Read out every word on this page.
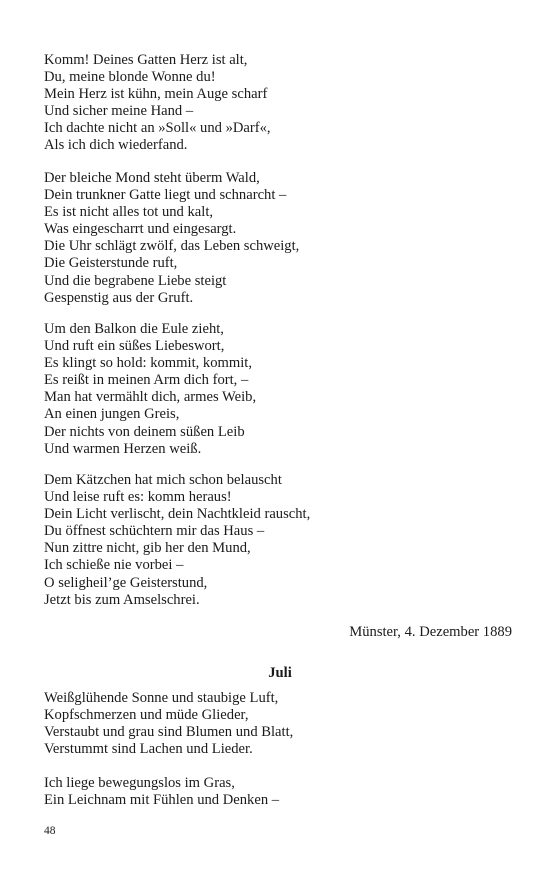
Komm! Deines Gatten Herz ist alt,
Du, meine blonde Wonne du!
Mein Herz ist kühn, mein Auge scharf
Und sicher meine Hand –
Ich dachte nicht an »Soll« und »Darf«,
Als ich dich wiederfand.
Der bleiche Mond steht überm Wald,
Dein trunkner Gatte liegt und schnarcht –
Es ist nicht alles tot und kalt,
Was eingescharrt und eingesargt.
Die Uhr schlägt zwölf, das Leben schweigt,
Die Geisterstunde ruft,
Und die begrabene Liebe steigt
Gespenstig aus der Gruft.
Um den Balkon die Eule zieht,
Und ruft ein süßes Liebeswort,
Es klingt so hold: kommit, kommit,
Es reißt in meinen Arm dich fort, –
Man hat vermählt dich, armes Weib,
An einen jungen Greis,
Der nichts von deinem süßen Leib
Und warmen Herzen weiß.
Dem Kätzchen hat mich schon belauscht
Und leise ruft es: komm heraus!
Dein Licht verlischt, dein Nachtkleid rauscht,
Du öffnest schüchtern mir das Haus –
Nun zittre nicht, gib her den Mund,
Ich schieße nie vorbei –
O seligheil’ge Geisterstund,
Jetzt bis zum Amselschrei.
Münster, 4. Dezember 1889
Juli
Weißglühende Sonne und staubige Luft,
Kopfschmerzen und müde Glieder,
Verstaubt und grau sind Blumen und Blatt,
Verstummt sind Lachen und Lieder.
Ich liege bewegungslos im Gras,
Ein Leichnam mit Fühlen und Denken –
48
